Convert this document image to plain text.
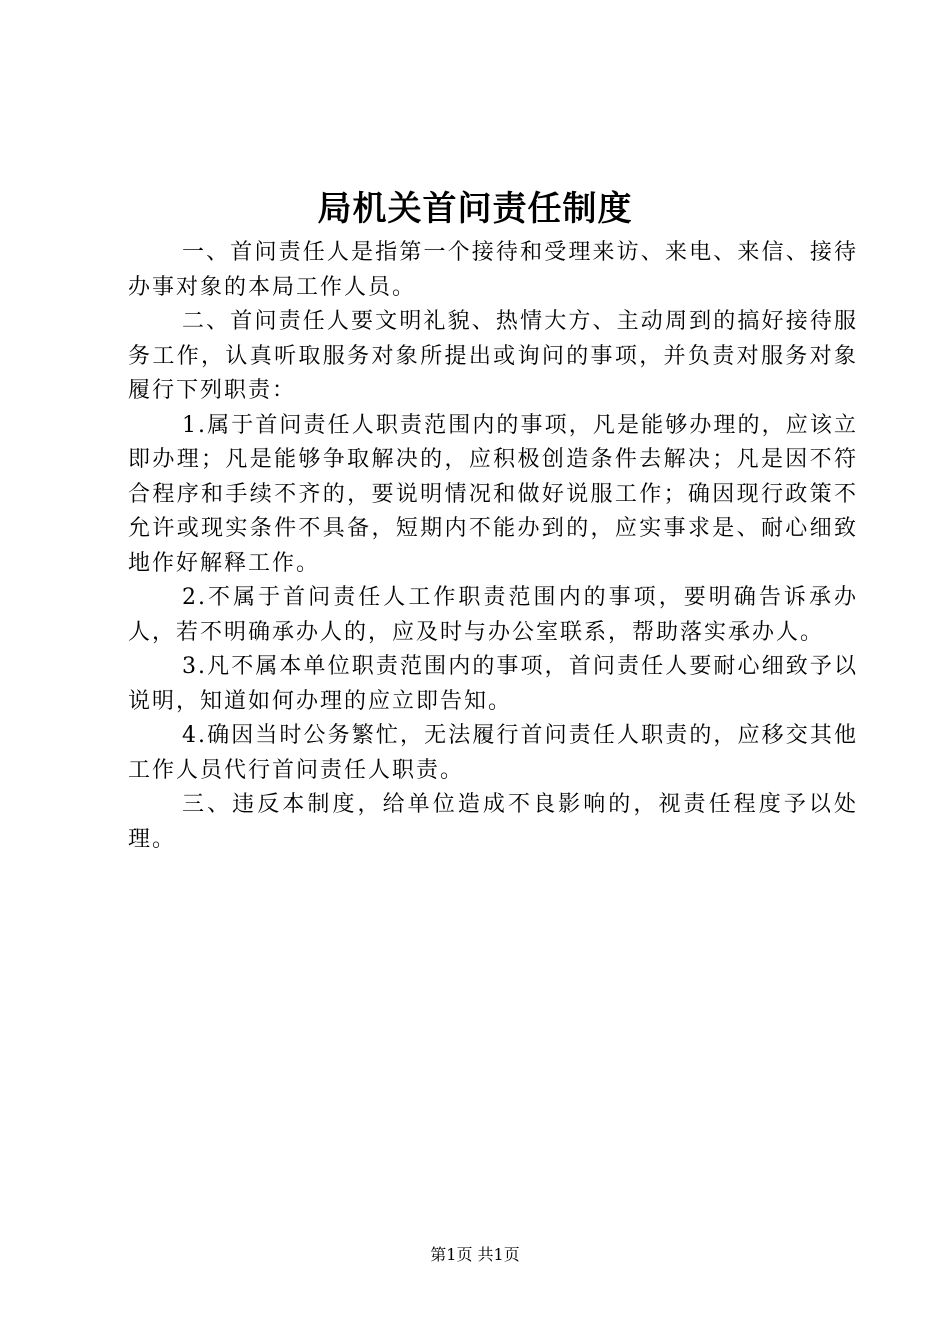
局机关首问责任制度

一、首问责任人是指第一个接待和受理来访、来电、来信、接待办事对象的本局工作人员。

二、首问责任人要文明礼貌、热情大方、主动周到的搞好接待服务工作，认真听取服务对象所提出或询问的事项，并负责对服务对象履行下列职责：

1.属于首问责任人职责范围内的事项，凡是能够办理的，应该立即办理；凡是能够争取解决的，应积极创造条件去解决；凡是因不符合程序和手续不齐的，要说明情况和做好说服工作；确因现行政策不允许或现实条件不具备，短期内不能办到的，应实事求是、耐心细致地作好解释工作。

2.不属于首问责任人工作职责范围内的事项，要明确告诉承办人，若不明确承办人的，应及时与办公室联系，帮助落实承办人。

3.凡不属本单位职责范围内的事项，首问责任人要耐心细致予以说明，知道如何办理的应立即告知。

4.确因当时公务繁忙，无法履行首问责任人职责的，应移交其他工作人员代行首问责任人职责。

三、违反本制度，给单位造成不良影响的，视责任程度予以处理。

第1页 共1页
